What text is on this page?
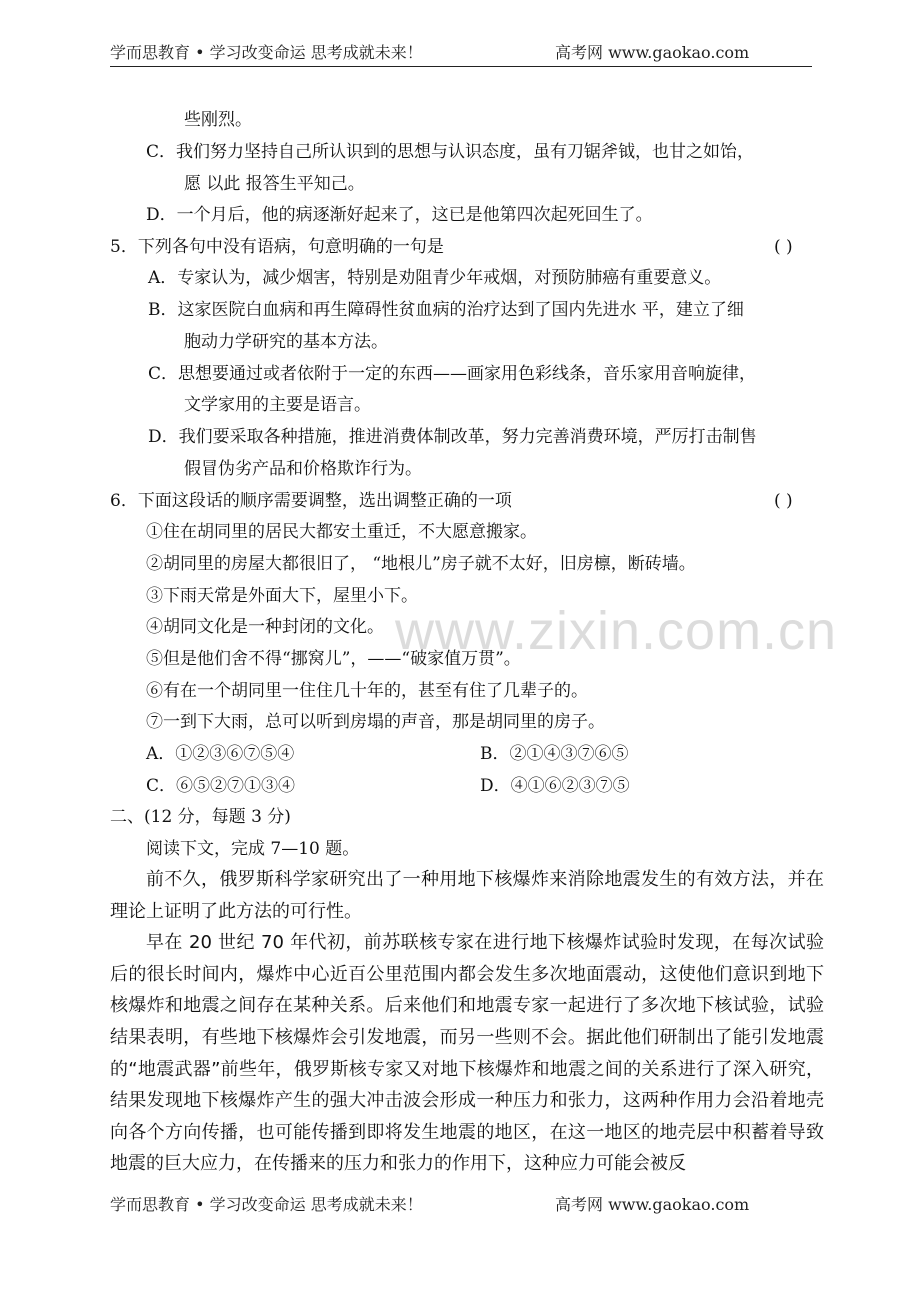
学而思教育 • 学习改变命运 思考成就未来！	高考网 www.gaokao.com
www.zixin.com.cn
些刚烈。
C．我们努力坚持自己所认识到的思想与认识态度，虽有刀锯斧钺，也甘之如饴，
愿 以此 报答生平知己。
D．一个月后，他的病逐渐好起来了，这已是他第四次起死回生了。
5．下列各句中没有语病，句意明确的一句是	( )
A．专家认为，减少烟害，特别是劝阻青少年戒烟，对预防肺癌有重要意义。
B．这家医院白血病和再生障碍性贫血病的治疗达到了国内先进水 平，建立了细
胞动力学研究的基本方法。
C．思想要通过或者依附于一定的东西——画家用色彩线条，音乐家用音响旋律，
文学家用的主要是语言。
D．我们要采取各种措施，推进消费体制改革，努力完善消费环境，严厉打击制售
假冒伪劣产品和价格欺诈行为。
6．下面这段话的顺序需要调整，选出调整正确的一项	( )
①住在胡同里的居民大都安土重迁，不大愿意搬家。
②胡同里的房屋大都很旧了， “地根儿”房子就不太好，旧房檩，断砖墙。
③下雨天常是外面大下，屋里小下。
④胡同文化是一种封闭的文化。
⑤但是他们舍不得“挪窝儿”，——“破家值万贯”。
⑥有在一个胡同里一住住几十年的，甚至有住了几辈子的。
⑦一到下大雨，总可以听到房塌的声音，那是胡同里的房子。
A．①②③⑥⑦⑤④	B．②①④③⑦⑥⑤
C．⑥⑤②⑦①③④	D．④①⑥②③⑦⑤
二、(12 分，每题 3 分)
阅读下文，完成 7—10 题。

前不久，俄罗斯科学家研究出了一种用地下核爆炸来消除地震发生的有效方法，并在理论上证明了此方法的可行性。

早在 20 世纪 70 年代初，前苏联核专家在进行地下核爆炸试验时发现，在每次试验后的很长时间内，爆炸中心近百公里范围内都会发生多次地面震动，这使他们意识到地下核爆炸和地震之间存在某种关系。后来他们和地震专家一起进行了多次地下核试验，试验结果表明，有些地下核爆炸会引发地震，而另一些则不会。据此他们研制出了能引发地震的“地震武器”前些年，俄罗斯核专家又对地下核爆炸和地震之间的关系进行了深入研究，结果发现地下核爆炸产生的强大冲击波会形成一种压力和张力，这两种作用力会沿着地壳向各个方向传播，也可能传播到即将发生地震的地区，在这一地区的地壳层中积蓄着导致地震的巨大应力，在传播来的压力和张力的作用下，这种应力可能会被反

学而思教育 • 学习改变命运 思考成就未来！	高考网 www.gaokao.com
